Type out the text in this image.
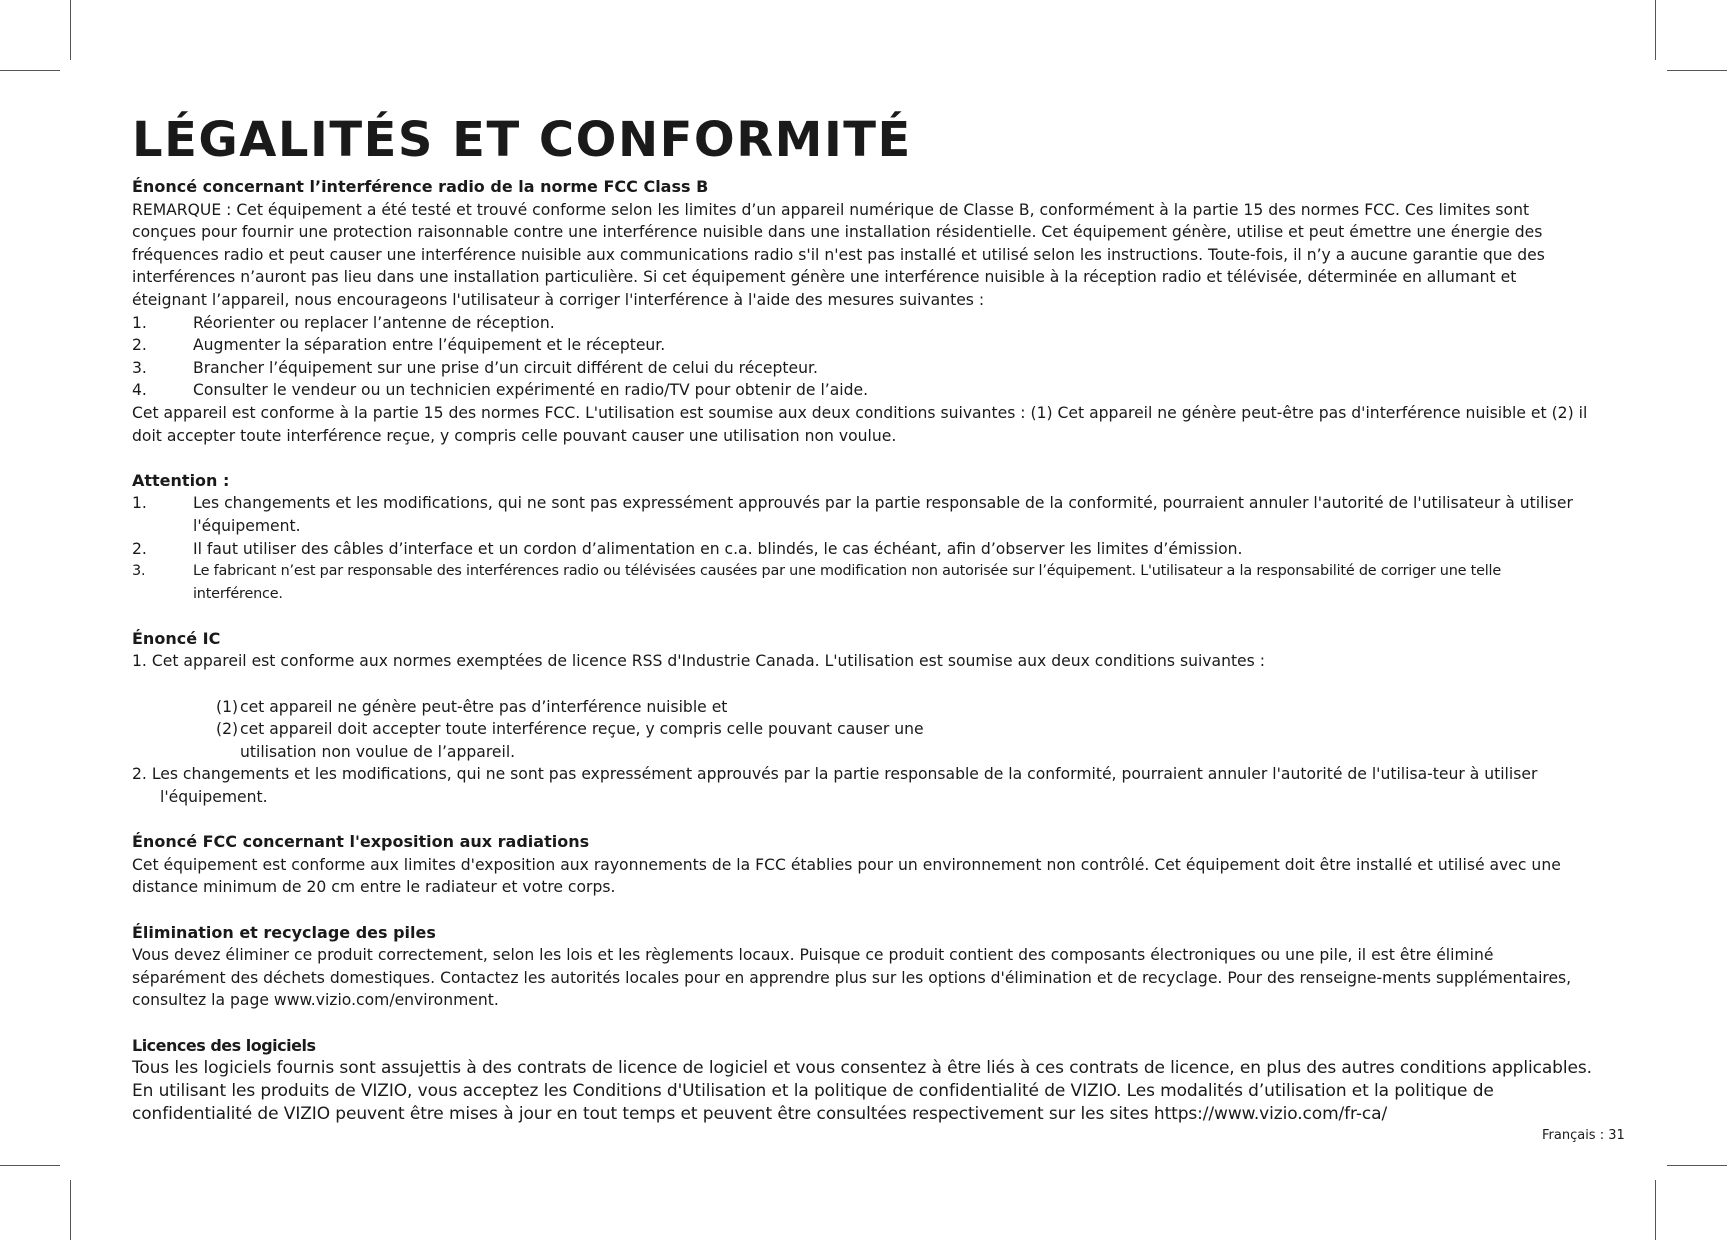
LÉGALITÉS ET CONFORMITÉ
Énoncé concernant l’interférence radio de la norme FCC Class B
REMARQUE : Cet équipement a été testé et trouvé conforme selon les limites d’un appareil numérique de Classe B, conformément à la partie 15 des normes FCC. Ces limites sont conçues pour fournir une protection raisonnable contre une interférence nuisible dans une installation résidentielle. Cet équipement génère, utilise et peut émettre une énergie des fréquences radio et peut causer une interférence nuisible aux communications radio s'il n'est pas installé et utilisé selon les instructions. Toute-fois, il n’y a aucune garantie que des interférences n’auront pas lieu dans une installation particulière. Si cet équipement génère une interférence nuisible à la réception radio et télévisée, déterminée en allumant et éteignant l’appareil, nous encourageons l'utilisateur à corriger l'interférence à l'aide des mesures suivantes :
1.	Réorienter ou replacer l’antenne de réception.
2.	Augmenter la séparation entre l’équipement et le récepteur.
3.	Brancher l’équipement sur une prise d’un circuit différent de celui du récepteur.
4.	Consulter le vendeur ou un technicien expérimenté en radio/TV pour obtenir de l’aide.
Cet appareil est conforme à la partie 15 des normes FCC. L'utilisation est soumise aux deux conditions suivantes : (1) Cet appareil ne génère peut-être pas d'interférence nuisible et (2) il doit accepter toute interférence reçue, y compris celle pouvant causer une utilisation non voulue.
Attention :
1.	Les changements et les modifications, qui ne sont pas expressément approuvés par la partie responsable de la conformité, pourraient annuler l'autorité de l'utilisateur à utiliser l'équipement.
2.	Il faut utiliser des câbles d’interface et un cordon d’alimentation en c.a. blindés, le cas échéant, afin d’observer les limites d’émission.
3.	Le fabricant n’est par responsable des interférences radio ou télévisées causées par une modification non autorisée sur l’équipement. L'utilisateur a la responsabilité de corriger une telle interférence.
Énoncé IC
1. Cet appareil est conforme aux normes exemptées de licence RSS d'Industrie Canada. L'utilisation est soumise aux deux conditions suivantes :
(1) cet appareil ne génère peut-être pas d’interférence nuisible et
(2) cet appareil doit accepter toute interférence reçue, y compris celle pouvant causer une utilisation non voulue de l’appareil.
2. Les changements et les modifications, qui ne sont pas expressément approuvés par la partie responsable de la conformité, pourraient annuler l'autorité de l'utilisa-teur à utiliser l'équipement.
Énoncé FCC concernant l'exposition aux radiations
Cet équipement est conforme aux limites d'exposition aux rayonnements de la FCC établies pour un environnement non contrôlé. Cet équipement doit être installé et utilisé avec une distance minimum de 20 cm entre le radiateur et votre corps.
Élimination et recyclage des piles
Vous devez éliminer ce produit correctement, selon les lois et les règlements locaux. Puisque ce produit contient des composants électroniques ou une pile, il est être éliminé séparément des déchets domestiques. Contactez les autorités locales pour en apprendre plus sur les options d'élimination et de recyclage. Pour des renseigne-ments supplémentaires, consultez la page www.vizio.com/environment.
Licences des logiciels
Tous les logiciels fournis sont assujettis à des contrats de licence de logiciel et vous consentez à être liés à ces contrats de licence, en plus des autres conditions applicables. En utilisant les produits de VIZIO, vous acceptez les Conditions d'Utilisation et la politique de confidentialité de VIZIO. Les modalités d’utilisation et la politique de confidentialité de VIZIO peuvent être mises à jour en tout temps et peuvent être consultées respectivement sur les sites https://www.vizio.com/fr-ca/
Français : 31
